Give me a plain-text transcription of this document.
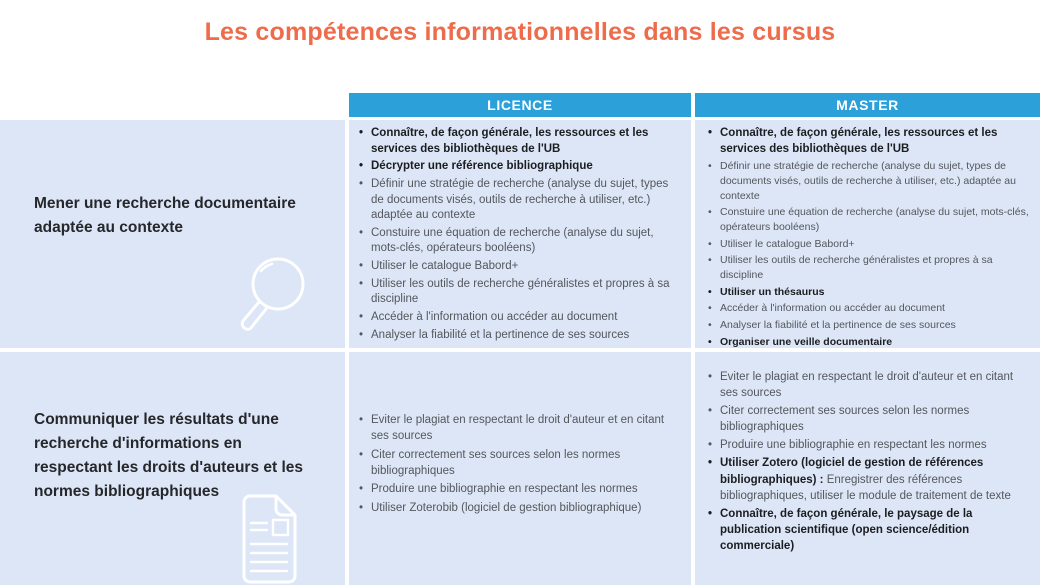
Les compétences informationnelles dans les cursus
LICENCE	MASTER
Mener une recherche documentaire adaptée au contexte
• Connaître, de façon générale, les ressources et les services des bibliothèques de l'UB
• Décrypter une référence bibliographique
• Définir une stratégie de recherche (analyse du sujet, types de documents visés, outils de recherche à utiliser, etc.) adaptée au contexte
• Constuire une équation de recherche (analyse du sujet, mots-clés, opérateurs booléens)
• Utiliser le catalogue Babord+
• Utiliser les outils de recherche généralistes et propres à sa discipline
• Accéder à l'information ou accéder au document
• Analyser la fiabilité et la pertinence de ses sources
• Connaître, de façon générale, les ressources et les services des bibliothèques de l'UB
• Définir une stratégie de recherche (analyse du sujet, types de documents visés, outils de recherche à utiliser, etc.) adaptée au contexte
• Constuire une équation de recherche (analyse du sujet, mots-clés, opérateurs booléens)
• Utiliser le catalogue Babord+
• Utiliser les outils de recherche généralistes et propres à sa discipline
• Utiliser un thésaurus
• Accéder à l'information ou accéder au document
• Analyser la fiabilité et la pertinence de ses sources
• Organiser une veille documentaire
Communiquer les résultats d'une recherche d'informations en respectant les droits d'auteurs et les normes bibliographiques
• Eviter le plagiat en respectant le droit d'auteur et en citant ses sources
• Citer correctement ses sources selon les normes bibliographiques
• Produire une bibliographie en respectant les normes
• Utiliser Zoterobib (logiciel de gestion bibliographique)
• Eviter le plagiat en respectant le droit d'auteur et en citant ses sources
• Citer correctement ses sources selon les normes bibliographiques
• Produire une bibliographie en respectant les normes
• Utiliser Zotero (logiciel de gestion de références bibliographiques) : Enregistrer des références bibliographiques, utiliser le module de traitement de texte
• Connaître, de façon générale, le paysage de la publication scientifique (open science/édition commerciale)
